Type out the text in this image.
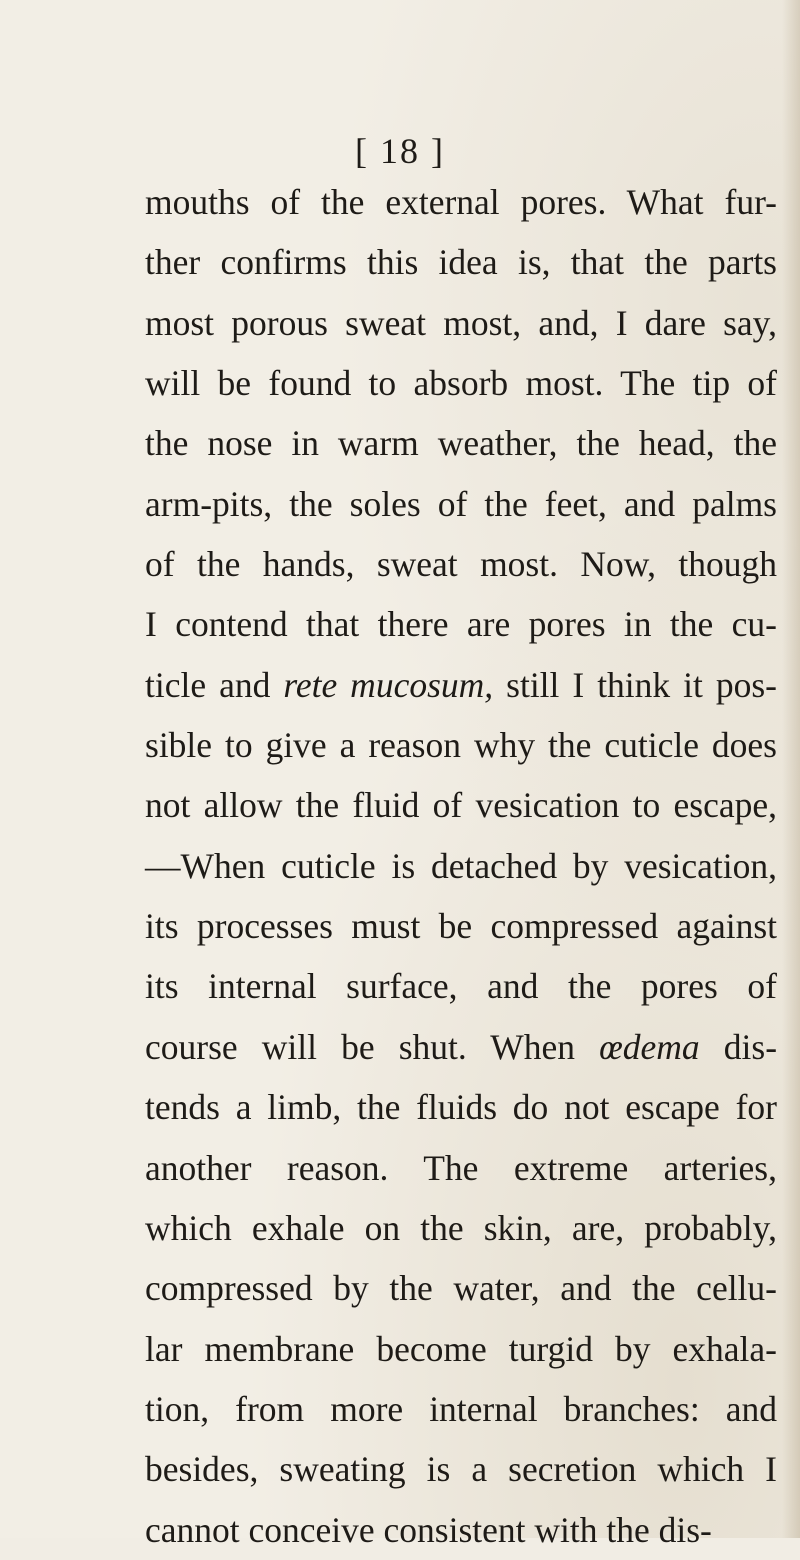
[ 18 ]
mouths of the external pores. What fur-
ther confirms this idea is, that the parts
most porous sweat most, and, I dare say,
will be found to absorb most. The tip of
the nose in warm weather, the head, the
arm-pits, the soles of the feet, and palms
of the hands, sweat most. Now, though
I contend that there are pores in the cu-
ticle and rete mucosum, still I think it pos-
sible to give a reason why the cuticle does
not allow the fluid of vesication to escape,
—When cuticle is detached by vesication,
its processes must be compressed against
its internal surface, and the pores of
course will be shut. When œdema dis-
tends a limb, the fluids do not escape for
another reason. The extreme arteries,
which exhale on the skin, are, probably,
compressed by the water, and the cellu-
lar membrane become turgid by exhala-
tion, from more internal branches: and
besides, sweating is a secretion which I
cannot conceive consistent with the dis-
